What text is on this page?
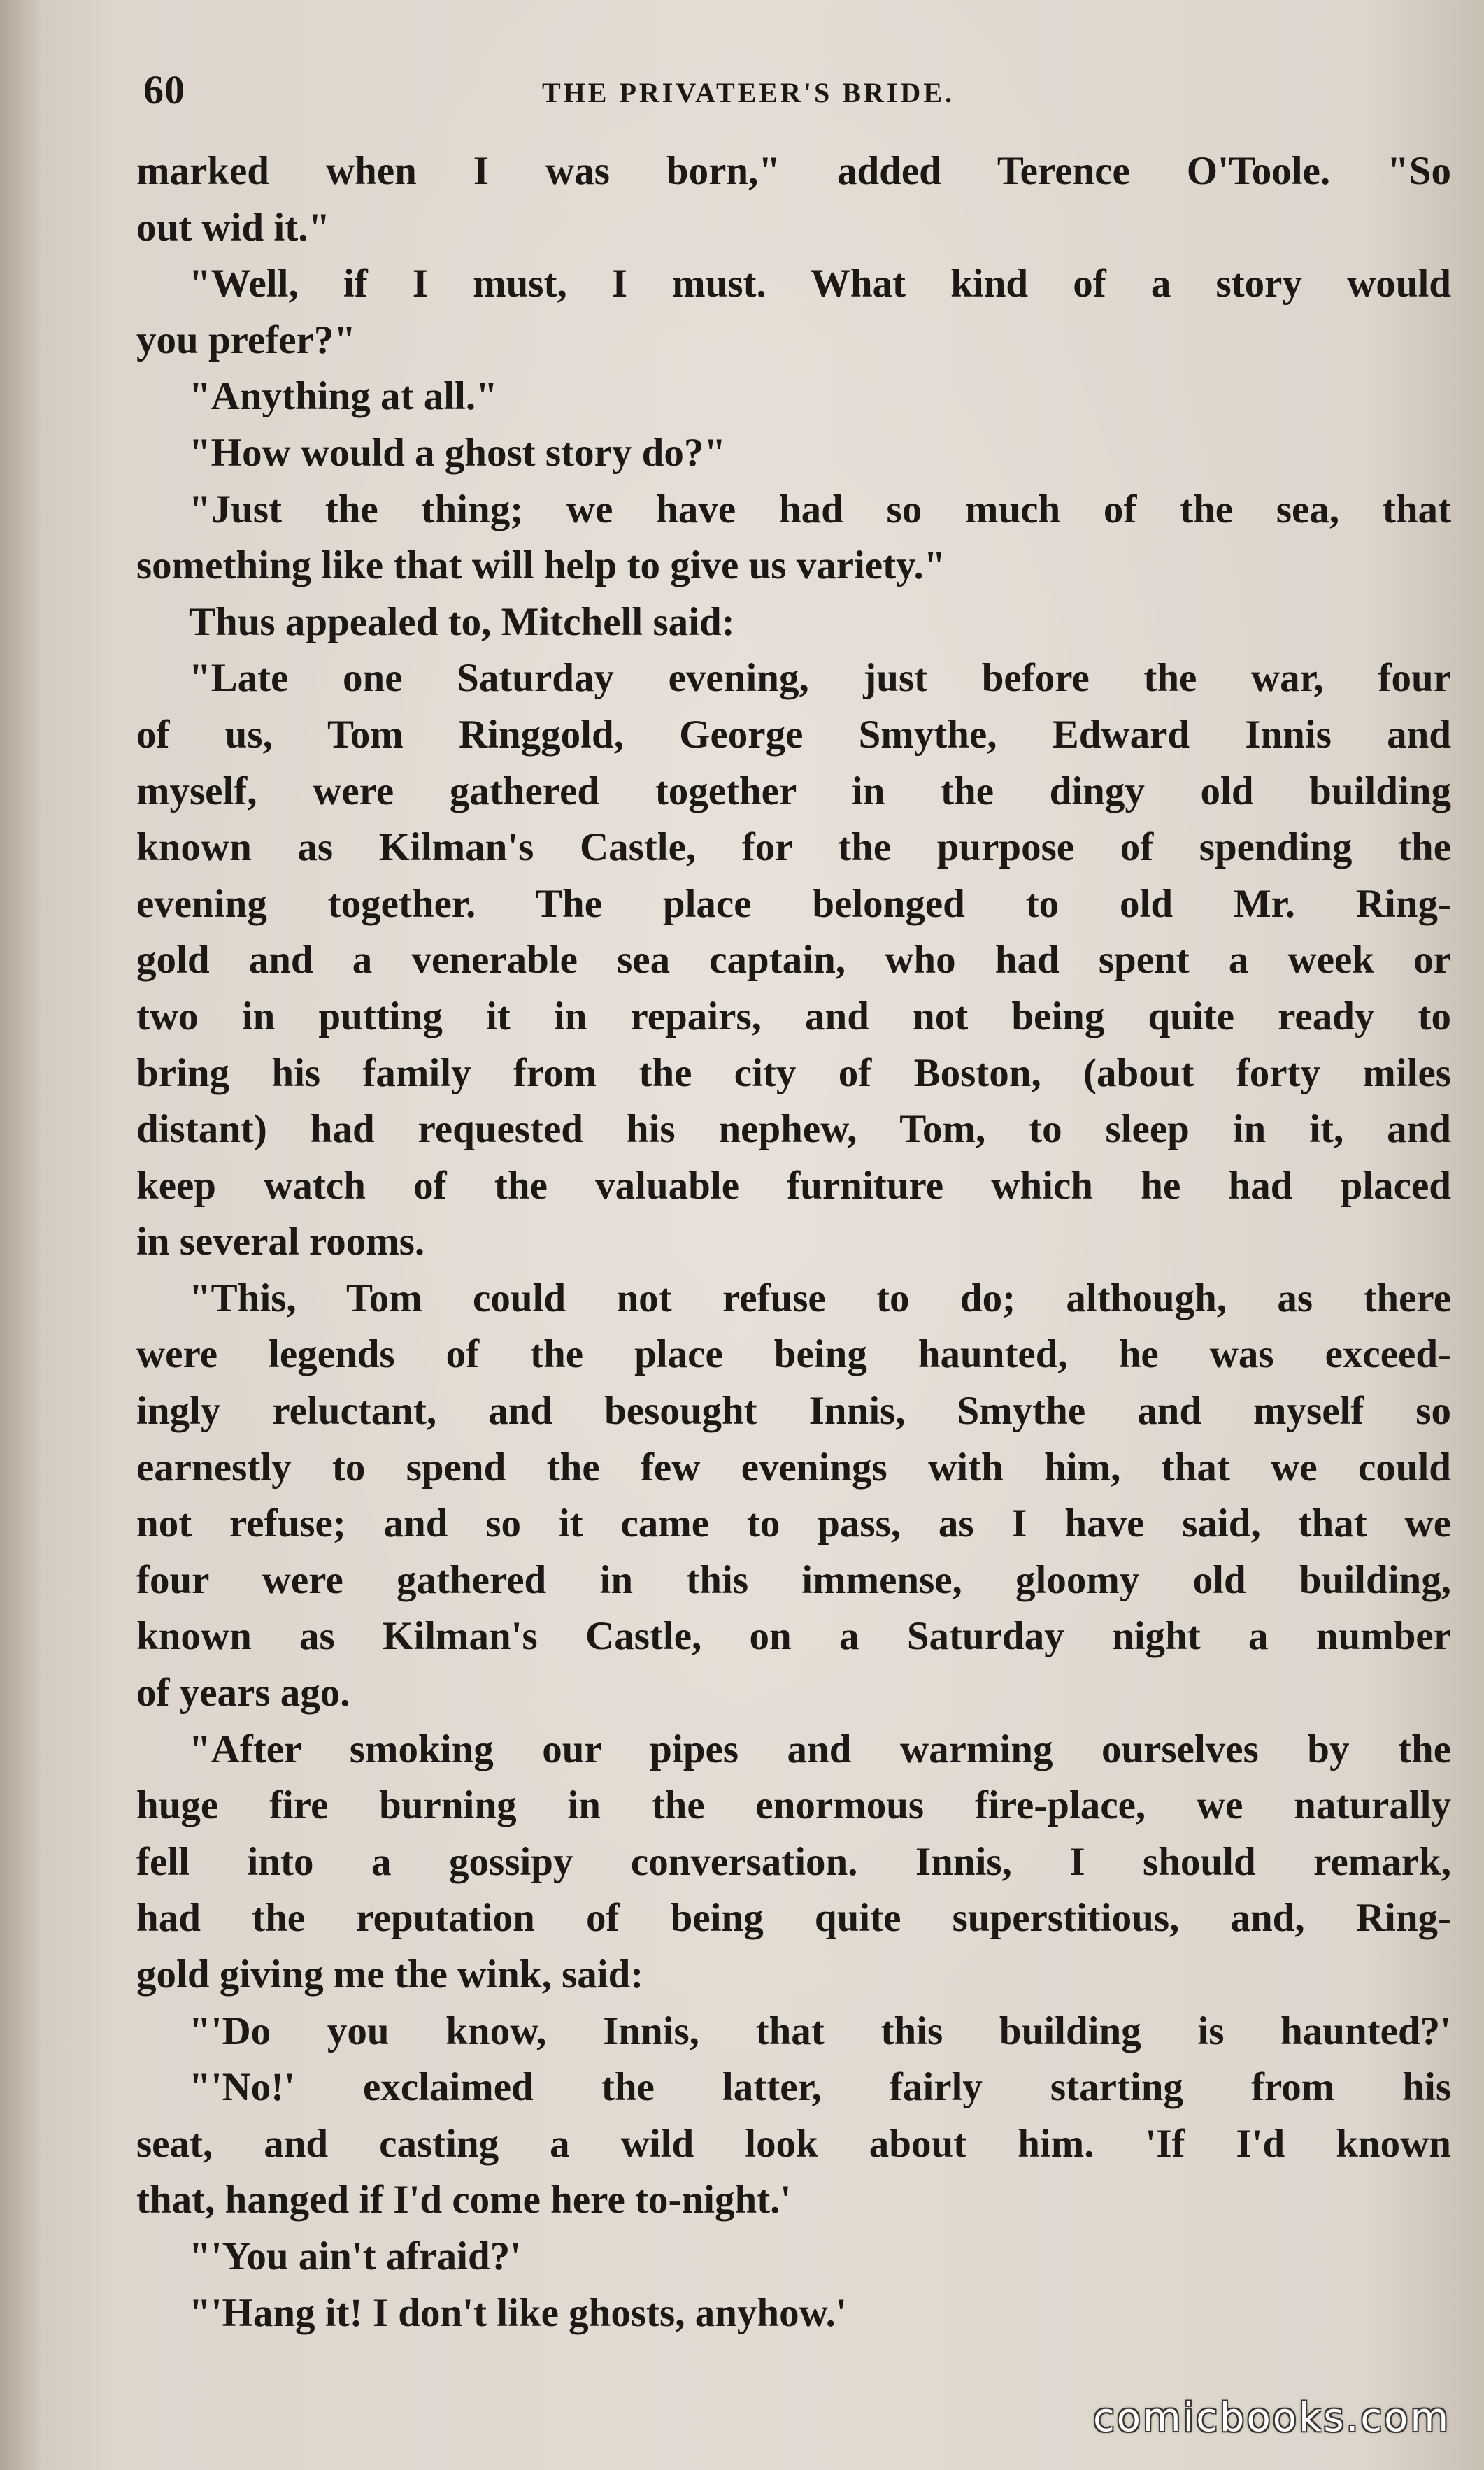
60	THE PRIVATEER'S BRIDE.
marked when I was born," added Terence O'Toole. "So
out wid it."
"Well, if I must, I must. What kind of a story would
you prefer?"
"Anything at all."
"How would a ghost story do?"
"Just the thing; we have had so much of the sea, that
something like that will help to give us variety."
Thus appealed to, Mitchell said:
"Late one Saturday evening, just before the war, four
of us, Tom Ringgold, George Smythe, Edward Innis and
myself, were gathered together in the dingy old building
known as Kilman's Castle, for the purpose of spending the
evening together. The place belonged to old Mr. Ring-
gold and a venerable sea captain, who had spent a week or
two in putting it in repairs, and not being quite ready to
bring his family from the city of Boston, (about forty miles
distant) had requested his nephew, Tom, to sleep in it, and
keep watch of the valuable furniture which he had placed
in several rooms.
"This, Tom could not refuse to do; although, as there
were legends of the place being haunted, he was exceed-
ingly reluctant, and besought Innis, Smythe and myself so
earnestly to spend the few evenings with him, that we could
not refuse; and so it came to pass, as I have said, that we
four were gathered in this immense, gloomy old building,
known as Kilman's Castle, on a Saturday night a number
of years ago.
"After smoking our pipes and warming ourselves by the
huge fire burning in the enormous fire-place, we naturally
fell into a gossipy conversation. Innis, I should remark,
had the reputation of being quite superstitious, and, Ring-
gold giving me the wink, said:
"'Do you know, Innis, that this building is haunted?'
"'No!' exclaimed the latter, fairly starting from his
seat, and casting a wild look about him. 'If I'd known
that, hanged if I'd come here to-night.'
"'You ain't afraid?'
"'Hang it! I don't like ghosts, anyhow.'
comicbooks.com
